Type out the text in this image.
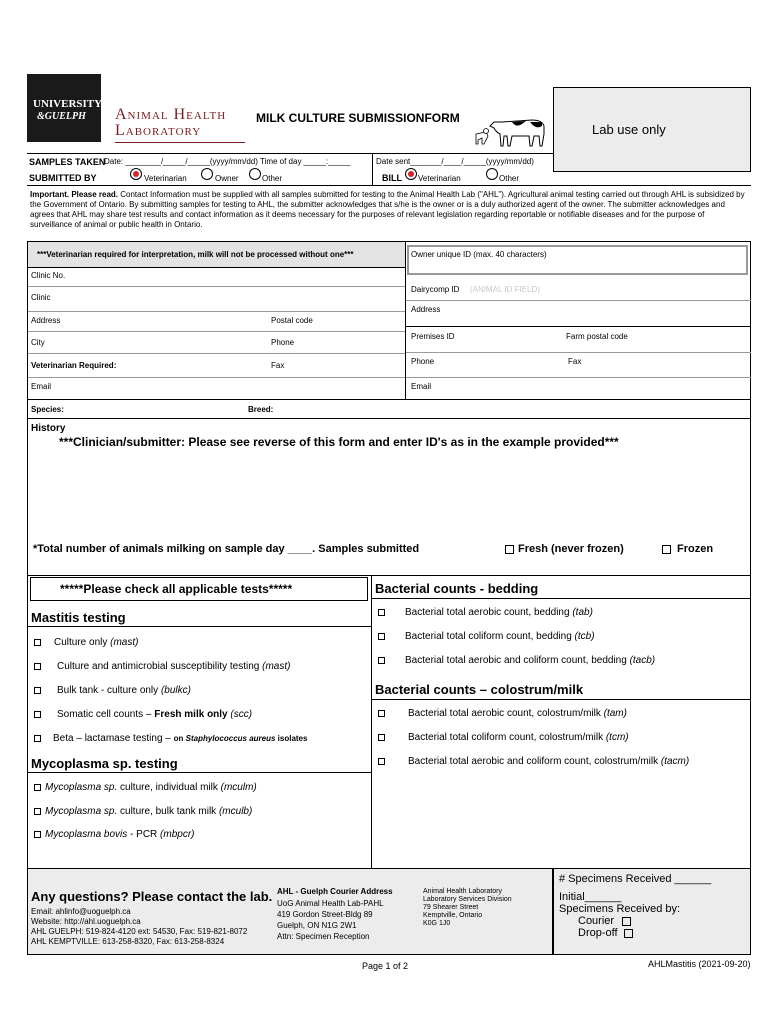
UNIVERSITY
&GUELPH Animal Health
Laboratory
MILK CULTURE SUBMISSIONFORM
Lab use only
SAMPLES TAKEN
Date: ________/_____/_____(yyyy/mm/dd) Time of day _____:_____	Date sent_______/____/_____(yyyy/mm/dd)
SUBMITTED BY	Veterinarian	Owner	Other	BILL Veterinarian	Other
Important. Please read. Contact Information must be supplied with all samples submitted for testing to the Animal Health Lab ("AHL"). Agricultural animal testing carried out through AHL is subsidized by the Government of Ontario. By submitting samples for testing to AHL, the submitter acknowledges that s/he is the owner or is a duly authorized agent of the owner. The submitter acknowledges and agrees that AHL may share test results and contact information as it deems necessary for the purposes of relevant legislation regarding reportable or notifiable diseases and for the purpose of surveillance of animal or public health in Ontario.
***Veterinarian required for interpretation, milk will not be processed without one***
Clinic No.
Clinic
Address	Postal code
City	Phone
Veterinarian Required:	Fax
Email
Species:	Breed:
Owner unique ID (max. 40 characters)
Dairycomp ID (ANIMAL ID FIELD)
Address
Premises ID	Farm postal code
Phone	Fax
Email
History
***Clinician/submitter: Please see reverse of this form and enter ID's as in the example provided***
*Total number of animals milking on sample day ____. Samples submitted	Fresh (never frozen)	Frozen
*****Please check all applicable tests*****
Mastitis testing
Culture only (mast)
Culture and antimicrobial susceptibility testing (mast)
Bulk tank - culture only (bulkc)
Somatic cell counts – Fresh milk only (scc)
Beta – lactamase testing – on Staphylococcus aureus isolates
Mycoplasma sp. testing
Mycoplasma sp. culture, individual milk (mculm)
Mycoplasma sp. culture, bulk tank milk (mculb)
Mycoplasma bovis - PCR (mbpcr)
Bacterial counts - bedding
Bacterial total aerobic count, bedding (tab)
Bacterial total coliform count, bedding (tcb)
Bacterial total aerobic and coliform count, bedding (tacb)
Bacterial counts – colostrum/milk
Bacterial total aerobic count, colostrum/milk (tam)
Bacterial total coliform count, colostrum/milk (tcm)
Bacterial total aerobic and coliform count, colostrum/milk (tacm)
Any questions? Please contact the lab.
Email: ahlinfo@uoguelph.ca
Website: http://ahl.uoguelph.ca
AHL GUELPH: 519-824-4120 ext: 54530, Fax: 519-821-8072
AHL KEMPTVILLE: 613-258-8320, Fax: 613-258-8324
AHL - Guelph Courier Address
UoG Animal Health Lab-PAHL
419 Gordon Street-Bldg 89
Guelph, ON N1G 2W1
Attn: Specimen Reception
Animal Health Laboratory
Laboratory Services Division
79 Shearer Street
Kemptville, Ontario
K0G 1J0
# Specimens Received ______
Initial______
Specimens Received by:
Courier
Drop-off
Page 1 of 2	AHLMastitis (2021-09-20)
